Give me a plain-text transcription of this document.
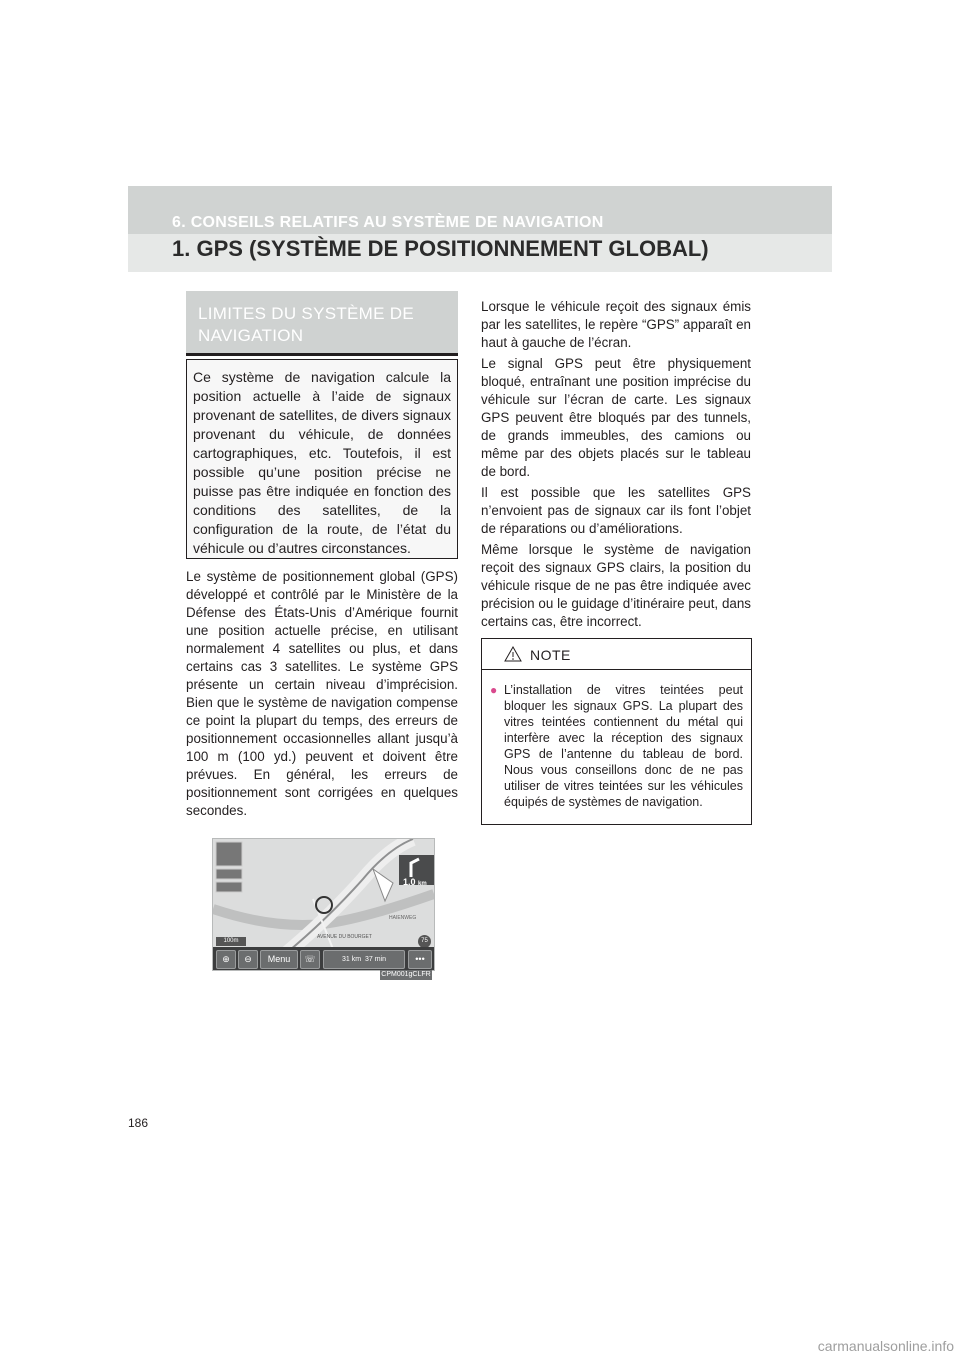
6. CONSEILS RELATIFS AU SYSTÈME DE NAVIGATION
1. GPS (SYSTÈME DE POSITIONNEMENT GLOBAL)
LIMITES DU SYSTÈME DE
NAVIGATION
Ce système de navigation calcule la position actuelle à l’aide de signaux provenant de satellites, de divers signaux provenant du véhicule, de données cartographiques, etc. Toutefois, il est possible qu’une position précise ne puisse pas être indiquée en fonction des conditions des satellites, de la configuration de la route, de l’état du véhicule ou d’autres circonstances.

Le système de positionnement global (GPS) développé et contrôlé par le Ministère de la Défense des États-Unis d’Amérique fournit une position actuelle précise, en utilisant normalement 4 satellites ou plus, et dans certains cas 3 satellites. Le système GPS présente un certain niveau d’imprécision. Bien que le système de navigation compense ce point la plupart du temps, des erreurs de positionnement occasionnelles allant jusqu’à 100 m (100 yd.) peuvent et doivent être prévues. En général, les erreurs de positionnement sont corrigées en quelques secondes.

1.0 km
AVENUE DU BOURGET
HAIENWEG
100m	75
⊕	⊖	Menu	☏	31 km 37 min	•••
CPM001gCLFR

Lorsque le véhicule reçoit des signaux émis par les satellites, le repère “GPS” apparaît en haut à gauche de l’écran.

Le signal GPS peut être physiquement bloqué, entraînant une position imprécise du véhicule sur l’écran de carte. Les signaux GPS peuvent être bloqués par des tunnels, de grands immeubles, des camions ou même par des objets placés sur le tableau de bord.

Il est possible que les satellites GPS n’envoient pas de signaux car ils font l’objet de réparations ou d’améliorations.

Même lorsque le système de navigation reçoit des signaux GPS clairs, la position du véhicule risque de ne pas être indiquée avec précision ou le guidage d’itinéraire peut, dans certains cas, être incorrect.

NOTE
● L’installation de vitres teintées peut bloquer les signaux GPS. La plupart des vitres teintées contiennent du métal qui interfère avec la réception des signaux GPS de l’antenne du tableau de bord. Nous vous conseillons donc de ne pas utiliser de vitres teintées sur les véhicules équipés de systèmes de navigation.
186
carmanualsonline.info
